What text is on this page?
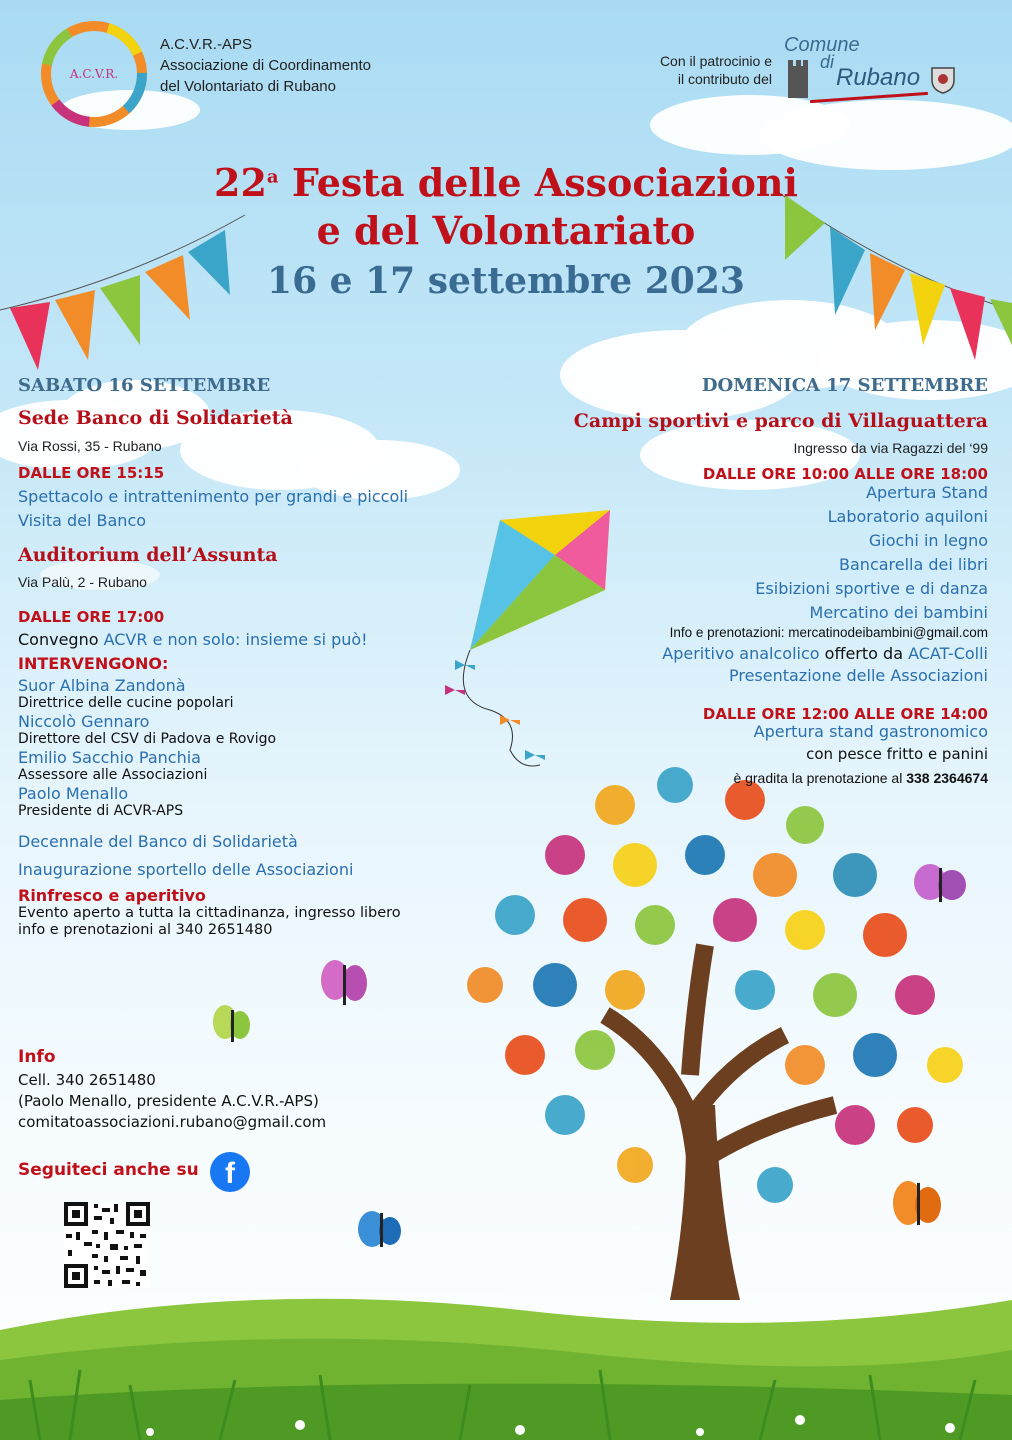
A.C.V.R.
A.C.V.R.-APS
Associazione di Coordinamento
del Volontariato di Rubano
Con il patrocinio e
il contributo del
Comune
di
Rubano
22$^a$ Festa delle Associazioni
e del Volontariato
16 e 17 settembre 2023
SABATO 16 SETTEMBRE
Sede Banco di Solidarietà
Via Rossi, 35 - Rubano
DALLE ORE 15:15
Spettacolo e intrattenimento per grandi e piccoli
Visita del Banco
Auditorium dell’Assunta
Via Palù, 2 - Rubano
DALLE ORE 17:00
Convegno ACVR e non solo: insieme si può!
INTERVENGONO:
Suor Albina Zandonà
Direttrice delle cucine popolari
Niccolò Gennaro
Direttore del CSV di Padova e Rovigo
Emilio Sacchio Panchia
Assessore alle Associazioni
Paolo Menallo
Presidente di ACVR-APS
Decennale del Banco di Solidarietà
Inaugurazione sportello delle Associazioni
Rinfresco e aperitivo
Evento aperto a tutta la cittadinanza, ingresso libero
info e prenotazioni al 340 2651480
DOMENICA 17 SETTEMBRE
Campi sportivi e parco di Villaguattera
Ingresso da via Ragazzi del ‘99
DALLE ORE 10:00 ALLE ORE 18:00
Apertura Stand
Laboratorio aquiloni
Giochi in legno
Bancarella dei libri
Esibizioni sportive e di danza
Mercatino dei bambini
Info e prenotazioni: mercatinodeibambini@gmail.com
Aperitivo analcolico offerto da ACAT-Colli
Presentazione delle Associazioni
DALLE ORE 12:00 ALLE ORE 14:00
Apertura stand gastronomico
con pesce fritto e panini
è gradita la prenotazione al 338 2364674
Info
Cell. 340 2651480
(Paolo Menallo, presidente A.C.V.R.-APS)
comitatoassociazioni.rubano@gmail.com
Seguiteci anche su f
